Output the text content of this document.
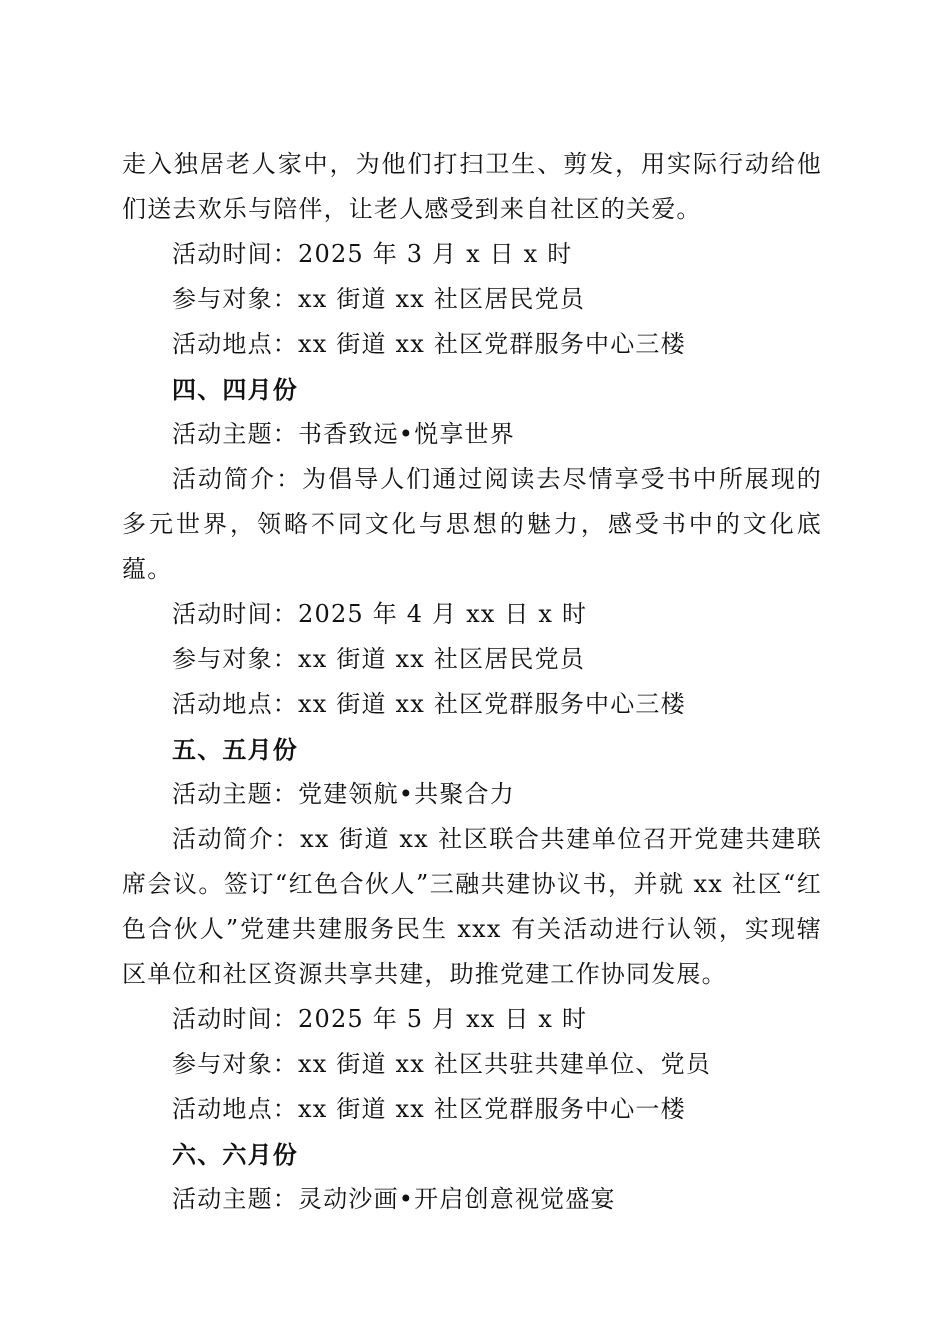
走入独居老人家中，为他们打扫卫生、剪发，用实际行动给他们送去欢乐与陪伴，让老人感受到来自社区的关爱。

活动时间：2025 年 3 月 x 日 x 时
参与对象：xx 街道 xx 社区居民党员
活动地点：xx 街道 xx 社区党群服务中心三楼
四、四月份
活动主题：书香致远•悦享世界

活动简介：为倡导人们通过阅读去尽情享受书中所展现的多元世界，领略不同文化与思想的魅力，感受书中的文化底蕴。

活动时间：2025 年 4 月 xx 日 x 时
参与对象：xx 街道 xx 社区居民党员
活动地点：xx 街道 xx 社区党群服务中心三楼
五、五月份
活动主题：党建领航•共聚合力

活动简介：xx 街道 xx 社区联合共建单位召开党建共建联席会议。签订“红色合伙人”三融共建协议书，并就 xx 社区“红色合伙人”党建共建服务民生 xxx 有关活动进行认领，实现辖区单位和社区资源共享共建，助推党建工作协同发展。

活动时间：2025 年 5 月 xx 日 x 时
参与对象：xx 街道 xx 社区共驻共建单位、党员
活动地点：xx 街道 xx 社区党群服务中心一楼
六、六月份
活动主题：灵动沙画•开启创意视觉盛宴
